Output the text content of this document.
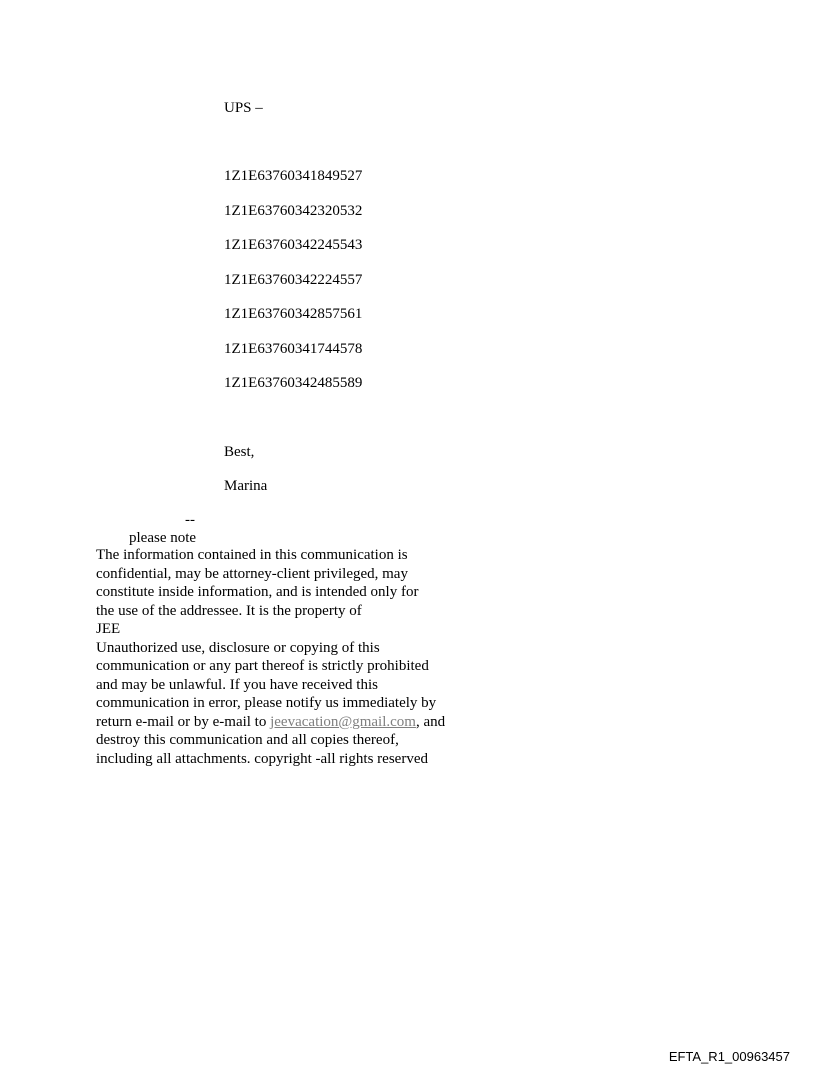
UPS –
1Z1E63760341849527
1Z1E63760342320532
1Z1E63760342245543
1Z1E63760342224557
1Z1E63760342857561
1Z1E63760341744578
1Z1E63760342485589
Best,
Marina
--
please note
The information contained in this communication is
confidential, may be attorney-client privileged, may
constitute inside information, and is intended only for
the use of the addressee. It is the property of
JEE
Unauthorized use, disclosure or copying of this
communication or any part thereof is strictly prohibited
and may be unlawful. If you have received this
communication in error, please notify us immediately by
return e-mail or by e-mail to jeevacation@gmail.com, and
destroy this communication and all copies thereof,
including all attachments. copyright -all rights reserved
EFTA_R1_00963457
